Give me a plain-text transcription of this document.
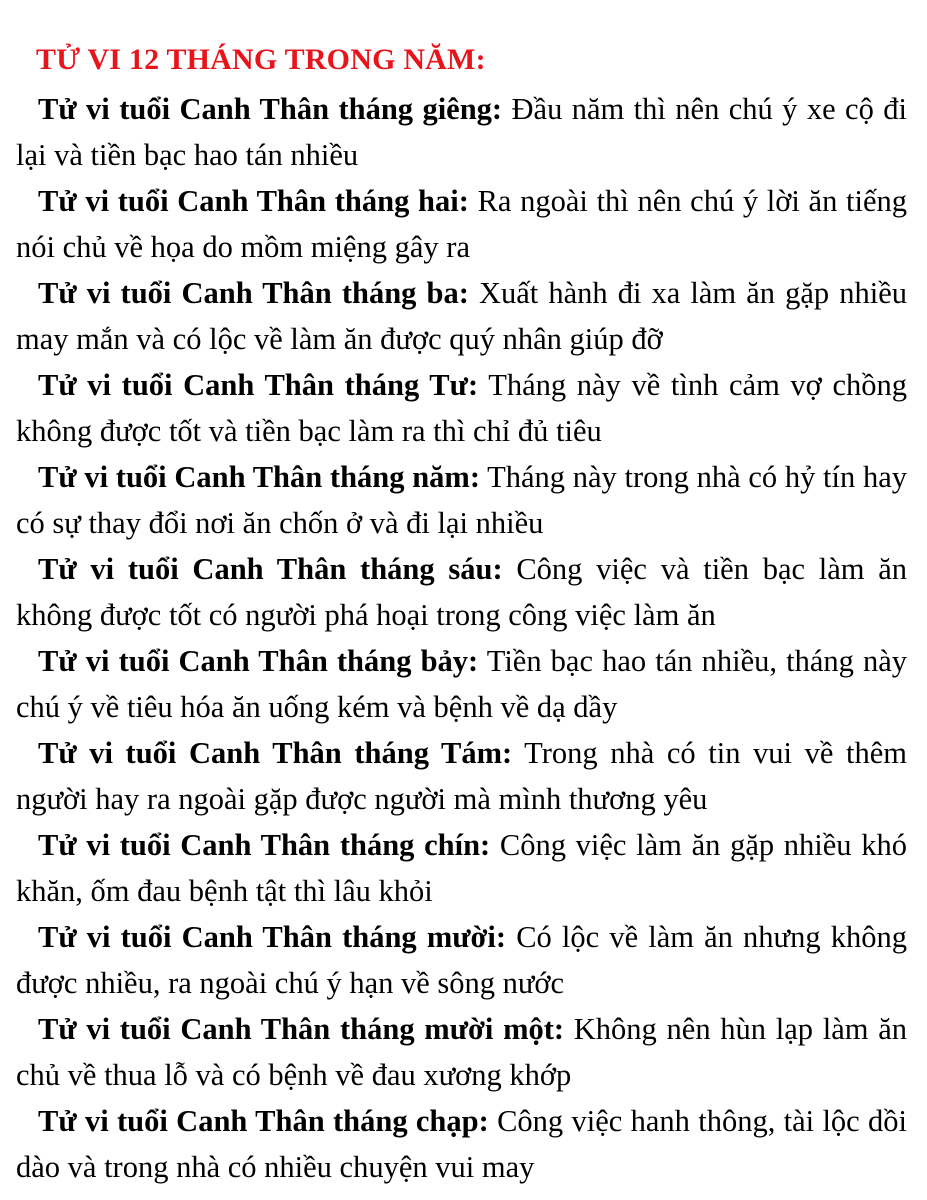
TỬ VI 12 THÁNG TRONG NĂM:

Tử vi tuổi Canh Thân tháng giêng: Đầu năm thì nên chú ý xe cộ đi lại và tiền bạc hao tán nhiều

Tử vi tuổi Canh Thân tháng hai: Ra ngoài thì nên chú ý lời ăn tiếng nói chủ về họa do mồm miệng gây ra

Tử vi tuổi Canh Thân tháng ba: Xuất hành đi xa làm ăn gặp nhiều may mắn và có lộc về làm ăn được quý nhân giúp đỡ

Tử vi tuổi Canh Thân tháng Tư: Tháng này về tình cảm vợ chồng không được tốt và tiền bạc làm ra thì chỉ đủ tiêu

Tử vi tuổi Canh Thân tháng năm: Tháng này trong nhà có hỷ tín hay có sự thay đổi nơi ăn chốn ở và đi lại nhiều

Tử vi tuổi Canh Thân tháng sáu: Công việc và tiền bạc làm ăn không được tốt có người phá hoại trong công việc làm ăn

Tử vi tuổi Canh Thân tháng bảy: Tiền bạc hao tán nhiều, tháng này chú ý về tiêu hóa ăn uống kém và bệnh về dạ dầy

Tử vi tuổi Canh Thân tháng Tám: Trong nhà có tin vui về thêm người hay ra ngoài gặp được người mà mình thương yêu

Tử vi tuổi Canh Thân tháng chín: Công việc làm ăn gặp nhiều khó khăn, ốm đau bệnh tật thì lâu khỏi

Tử vi tuổi Canh Thân tháng mười: Có lộc về làm ăn nhưng không được nhiều, ra ngoài chú ý hạn về sông nước

Tử vi tuổi Canh Thân tháng mười một: Không nên hùn lạp làm ăn chủ về thua lỗ và có bệnh về đau xương khớp

Tử vi tuổi Canh Thân tháng chạp: Công việc hanh thông, tài lộc dồi dào và trong nhà có nhiều chuyện vui may
